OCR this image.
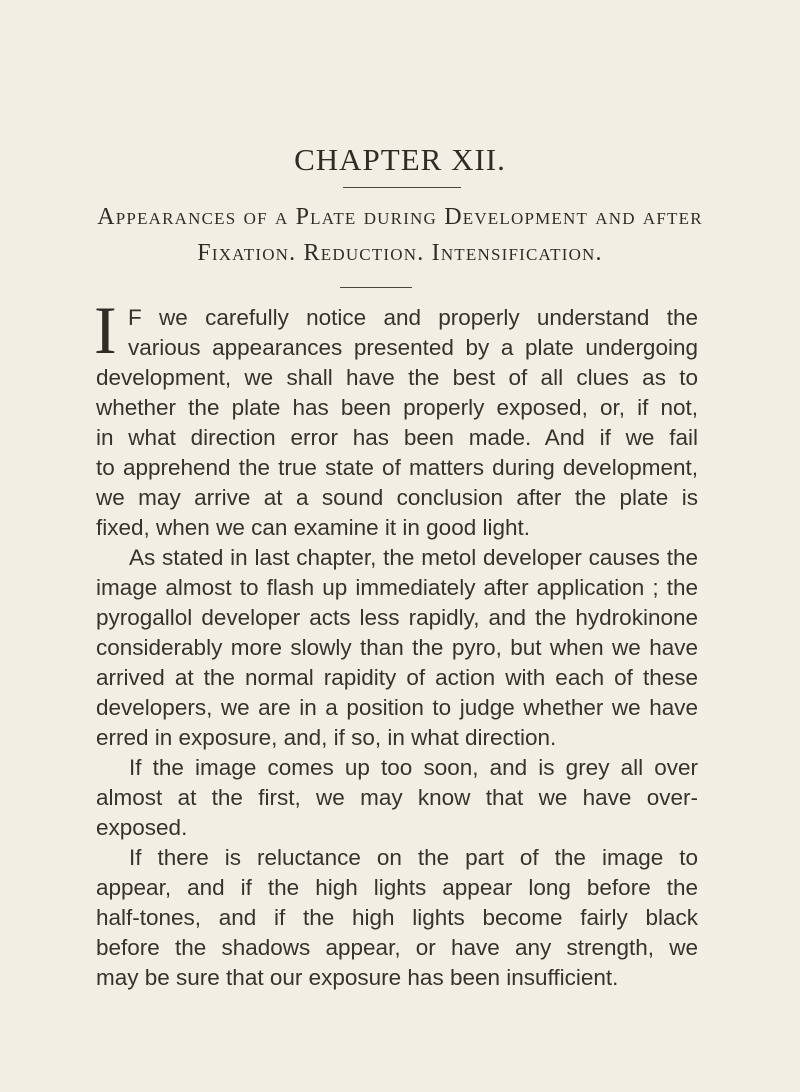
CHAPTER XII.
Appearances of a Plate during Development and after
Fixation. Reduction. Intensification.
I F we carefully notice and properly understand the
various appearances presented by a plate undergoing
development, we shall have the best of all clues as to
whether the plate has been properly exposed, or, if not,
in what direction error has been made. And if we fail
to apprehend the true state of matters during development,
we may arrive at a sound conclusion after the plate is
fixed, when we can examine it in good light.
As stated in last chapter, the metol developer causes the
image almost to flash up immediately after application ; the
pyrogallol developer acts less rapidly, and the hydrokinone
considerably more slowly than the pyro, but when we have
arrived at the normal rapidity of action with each of these
developers, we are in a position to judge whether we have
erred in exposure, and, if so, in what direction.
If the image comes up too soon, and is grey all over
almost at the first, we may know that we have over-
exposed.
If there is reluctance on the part of the image to
appear, and if the high lights appear long before the
half-tones, and if the high lights become fairly black
before the shadows appear, or have any strength, we
may be sure that our exposure has been insufficient.
